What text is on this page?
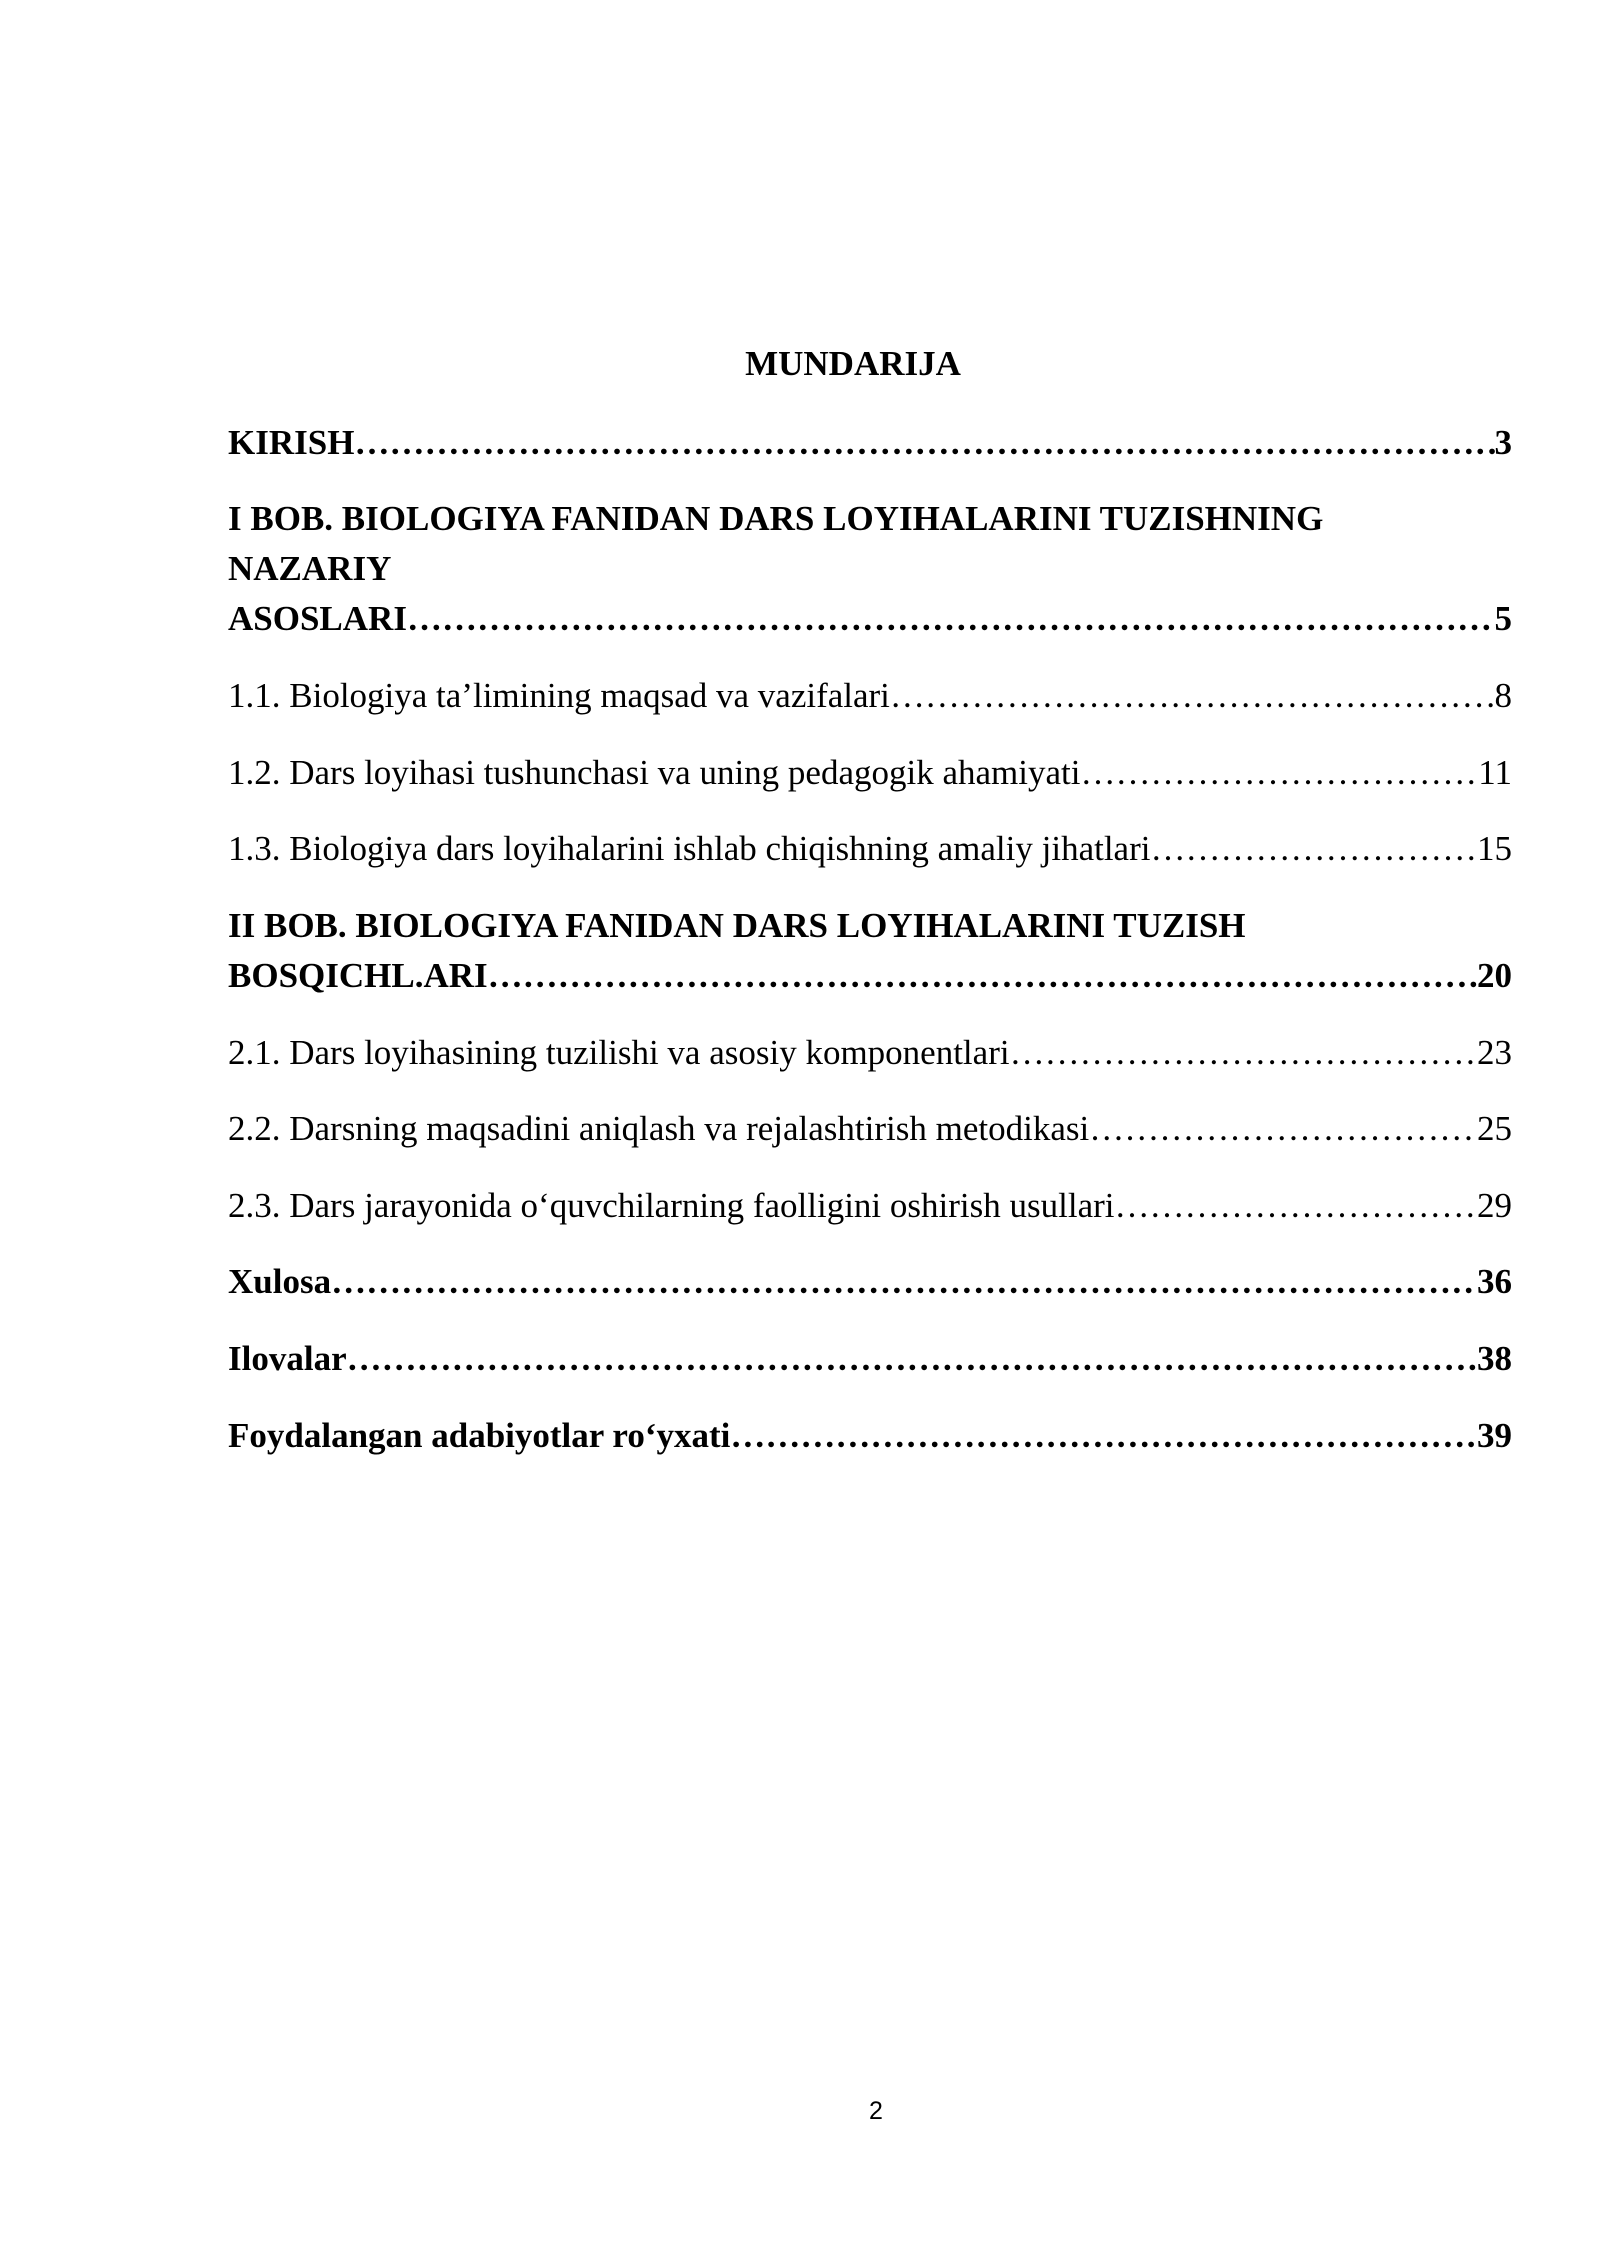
MUNDARIJA
KIRISH ……………………………………………………………………………………………………………………………………………………………………………………………………………………………	3
I BOB. BIOLOGIYA FANIDAN DARS LOYIHALARINI TUZISHNING
NAZARIY
ASOSLARI ……………………………………………………………………………………………………………………………………………………………………………………………………………………………	5
1.1. Biologiya ta’limining maqsad va vazifalari ……………………………………………………………………………………………………………………………………………………………………………………………………………………………	8
1.2. Dars loyihasi tushunchasi va uning pedagogik ahamiyati ……………………………………………………………………………………………………………………………………………………………………………………………………………………………	11
1.3. Biologiya dars loyihalarini ishlab chiqishning amaliy jihatlari ……………………………………………………………………………………………………………………………………………………………………………………………………………………………	15
II BOB. BIOLOGIYA FANIDAN DARS LOYIHALARINI TUZISH
BOSQICHL.ARI ……………………………………………………………………………………………………………………………………………………………………………………………………………………………	20
2.1. Dars loyihasining tuzilishi va asosiy komponentlari ……………………………………………………………………………………………………………………………………………………………………………………………………………………………	23
2.2. Darsning maqsadini aniqlash va rejalashtirish metodikasi ……………………………………………………………………………………………………………………………………………………………………………………………………………………………	25
2.3. Dars jarayonida o‘quvchilarning faolligini oshirish usullari ……………………………………………………………………………………………………………………………………………………………………………………………………………………………	29
Xulosa ……………………………………………………………………………………………………………………………………………………………………………………………………………………………	36
Ilovalar ……………………………………………………………………………………………………………………………………………………………………………………………………………………………	38
Foydalangan adabiyotlar ro‘yxati ……………………………………………………………………………………………………………………………………………………………………………………………………………………………	39
2
